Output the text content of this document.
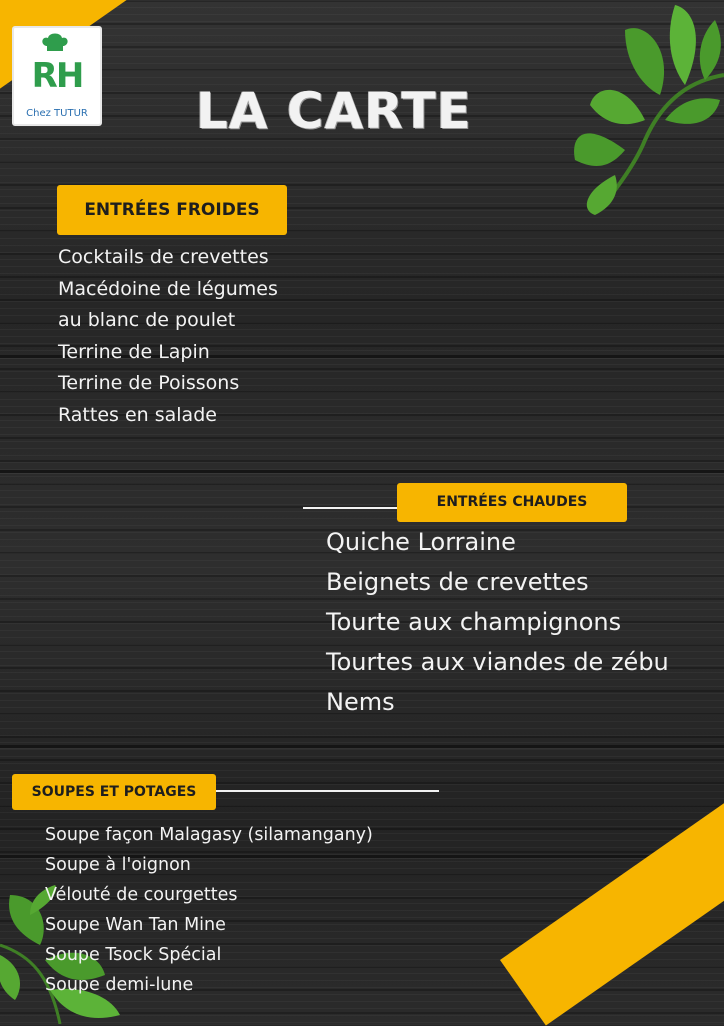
RH
Chez TUTUR LA CARTE
ENTRÉES FROIDES
Cocktails de crevettes
Macédoine de légumes
au blanc de poulet
Terrine de Lapin
Terrine de Poissons
Rattes en salade
ENTRÉES CHAUDES
Quiche Lorraine
Beignets de crevettes
Tourte aux champignons
Tourtes aux viandes de zébu
Nems
SOUPES ET POTAGES
Soupe façon Malagasy (silamangany)
Soupe à l'oignon
Vélouté de courgettes
Soupe Wan Tan Mine
Soupe Tsock Spécial
Soupe demi-lune
